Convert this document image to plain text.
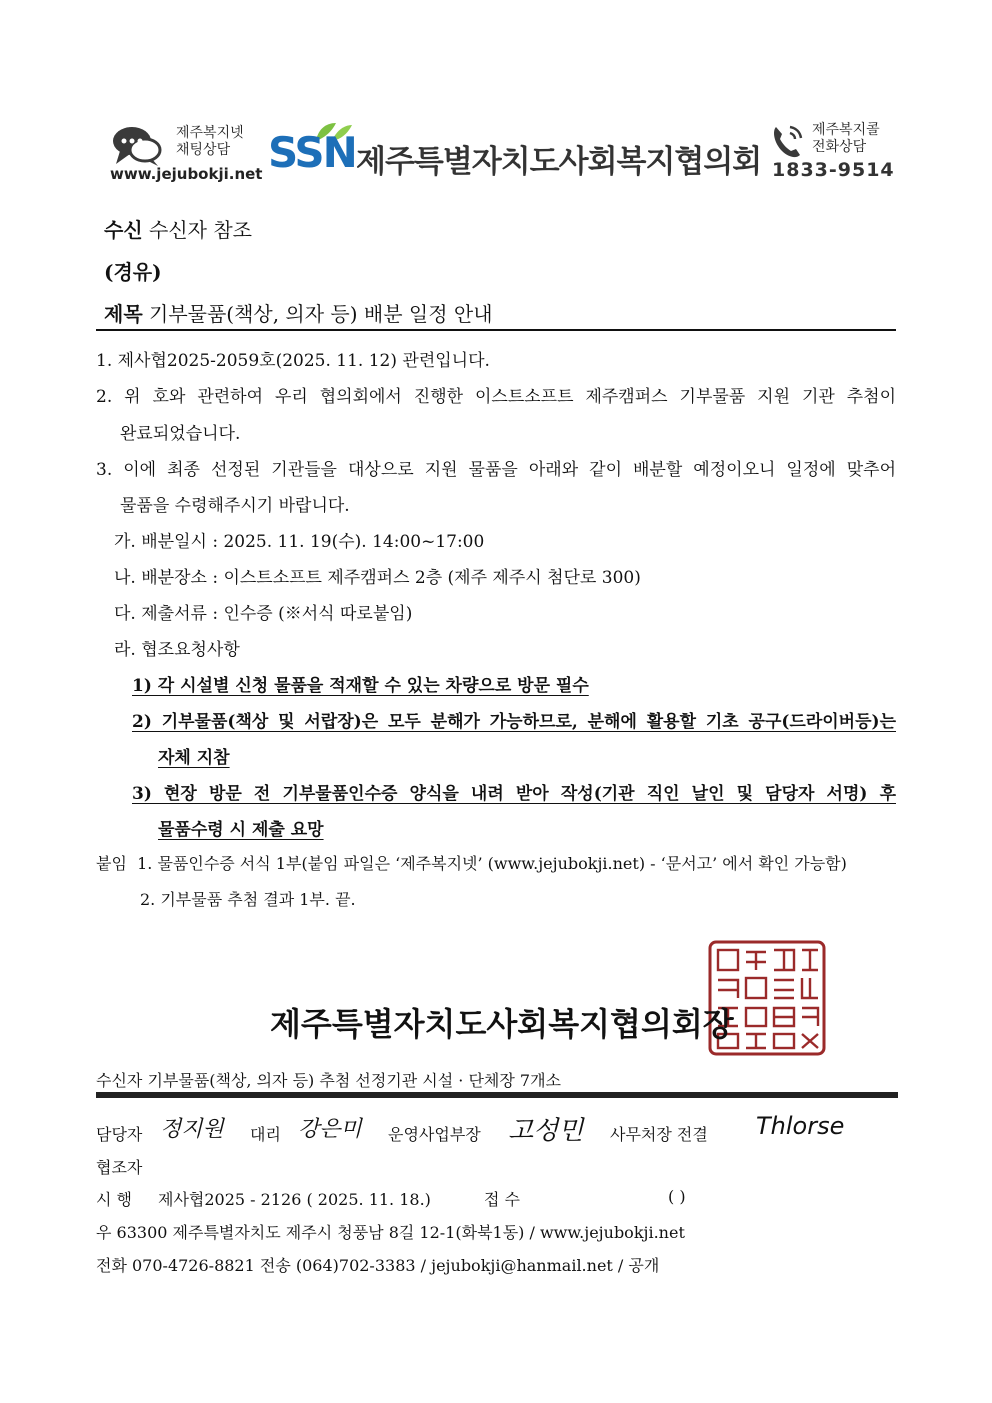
제주복지넷
채팅상담
www.jejubokji.net SSN 제주특별자치도사회복지협의회
제주복지콜
전화상담
1833-9514
수신 수신자 참조
(경유)
제목 기부물품(책상, 의자 등) 배분 일정 안내
1. 제사협2025-2059호(2025. 11. 12) 관련입니다.
2. 위 호와 관련하여 우리 협의회에서 진행한 이스트소프트 제주캠퍼스 기부물품 지원 기관 추첨이
완료되었습니다.
3. 이에 최종 선정된 기관들을 대상으로 지원 물품을 아래와 같이 배분할 예정이오니 일정에 맞추어
물품을 수령해주시기 바랍니다.
가. 배분일시 : 2025. 11. 19(수). 14:00~17:00
나. 배분장소 : 이스트소프트 제주캠퍼스 2층 (제주 제주시 첨단로 300)
다. 제출서류 : 인수증 (※서식 따로붙임)
라. 협조요청사항
1) 각 시설별 신청 물품을 적재할 수 있는 차량으로 방문 필수
2) 기부물품(책상 및 서랍장)은 모두 분해가 가능하므로, 분해에 활용할 기초 공구(드라이버등)는
자체 지참
3) 현장 방문 전 기부물품인수증 양식을 내려 받아 작성(기관 직인 날인 및 담당자 서명) 후
물품수령 시 제출 요망
붙임 1. 물품인수증 서식 1부(붙임 파일은 ‘제주복지넷’ (www.jejubokji.net) - ‘문서고’ 에서 확인 가능함)
2. 기부물품 추첨 결과 1부. 끝.
제주특별자치도사회복지협의회장
수신자 기부물품(책상, 의자 등) 추첨 선정기관 시설 · 단체장 7개소
담당자 정지원 대리 강은미 운영사업부장 고성민 사무처장 전결 Thlorse
협조자
시 행 제사협2025 - 2126 ( 2025. 11. 18.)	접 수	( )
우 63300 제주특별자치도 제주시 청풍남 8길 12-1(화북1동) / www.jejubokji.net
전화 070-4726-8821 전송 (064)702-3383 / jejubokji@hanmail.net / 공개
